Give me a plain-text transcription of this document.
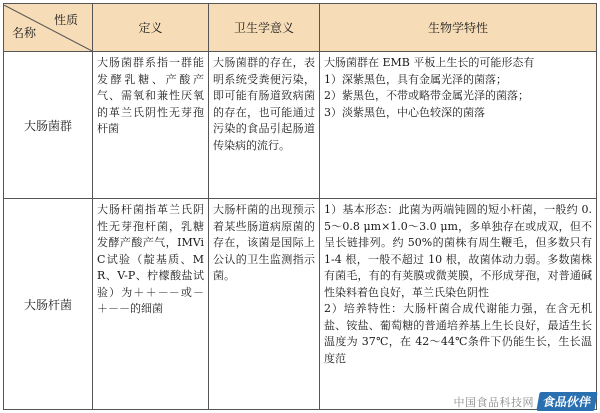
性质
名称	定义	卫生学意义	生物学特性

大肠菌群	大肠菌群系指一群能发酵乳糖、产酸产气、需氧和兼性厌氧的革兰氏阴性无芽孢杆菌	大肠菌群的存在，表明系统受粪便污染，即可能有肠道致病菌的存在，也可能通过污染的食品引起肠道传染病的流行。	大肠菌群在 EMB 平板上生长的可能形态有
1）深紫黑色，具有金属光泽的菌落；
2）紫黑色，不带或略带金属光泽的菌落；
3）淡紫黑色，中心色较深的菌落
大肠杆菌	大肠杆菌指革兰氏阴性无芽孢杆菌，乳糖发酵产酸产气，IMViC试验（靛基质、MR、V-P、柠檬酸盐试验）为＋＋－－或－＋－－的细菌	大肠杆菌的出现预示着某些肠道病原菌的存在，该菌是国际上公认的卫生监测指示菌。	1）基本形态：此菌为两端钝圆的短小杆菌，一般约 0.5～0.8 μm×1.0～3.0 μm，多单独存在或成双，但不呈长链排列。约 50%的菌株有周生鞭毛，但多数只有 1-4 根，一般不超过 10 根，故菌体动力弱。多数菌株有菌毛，有的有荚膜或微荚膜，不形成芽孢，对普通碱性染料着色良好，革兰氏染色阴性
2）培养特性：大肠杆菌合成代谢能力强，在含无机盐、铵盐、葡萄糖的普通培养基上生长良好，最适生长温度为 37℃，在 42～44℃条件下仍能生长，生长温度范
中国食品科技网 食品伙伴
